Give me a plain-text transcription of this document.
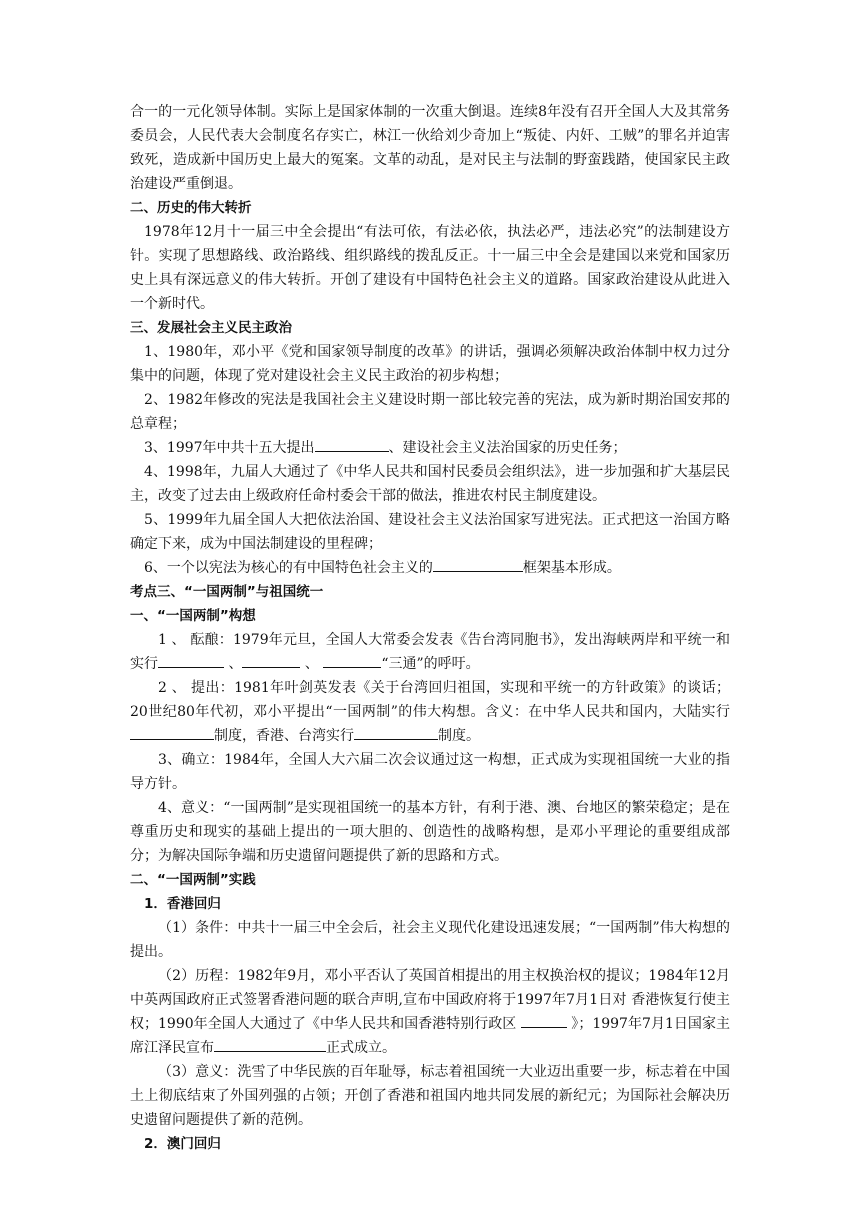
合一的一元化领导体制。实际上是国家体制的一次重大倒退。连续8年没有召开全国人大及其常务委员会，人民代表大会制度名存实亡，林江一伙给刘少奇加上“叛徒、内奸、工贼”的罪名并迫害致死，造成新中国历史上最大的冤案。文革的动乱，是对民主与法制的野蛮践踏，使国家民主政治建设严重倒退。

二、历史的伟大转折

1978年12月十一届三中全会提出“有法可依，有法必依，执法必严，违法必究”的法制建设方针。实现了思想路线、政治路线、组织路线的拨乱反正。十一届三中全会是建国以来党和国家历史上具有深远意义的伟大转折。开创了建设有中国特色社会主义的道路。国家政治建设从此进入一个新时代。

三、发展社会主义民主政治

1、1980年，邓小平《党和国家领导制度的改革》的讲话，强调必须解决政治体制中权力过分集中的问题，体现了党对建设社会主义民主政治的初步构想；

2、1982年修改的宪法是我国社会主义建设时期一部比较完善的宪法，成为新时期治国安邦的总章程；

3、1997年中共十五大提出	、建设社会主义法治国家的历史任务；

4、1998年，九届人大通过了《中华人民共和国村民委员会组织法》，进一步加强和扩大基层民主，改变了过去由上级政府任命村委会干部的做法，推进农村民主制度建设。

5、1999年九届全国人大把依法治国、建设社会主义法治国家写进宪法。正式把这一治国方略确定下来，成为中国法制建设的里程碑；

6、一个以宪法为核心的有中国特色社会主义的	框架基本形成。

考点三、“一国两制”与祖国统一

一、“一国两制”构想

1 、 酝酿：1979年元旦，全国人大常委会发表《告台湾同胞书》，发出海峡两岸和平统一和实行	、	、	“三通”的呼吁。

2 、 提出：1981年叶剑英发表《关于台湾回归祖国，实现和平统一的方针政策》的谈话；20世纪80年代初，邓小平提出“一国两制”的伟大构想。含义：在中华人民共和国内，大陆实行制度，香港、台湾实行	制度。

3、确立：1984年，全国人大六届二次会议通过这一构想，正式成为实现祖国统一大业的指导方针。

4、意义：“一国两制”是实现祖国统一的基本方针，有利于港、澳、台地区的繁荣稳定；是在尊重历史和现实的基础上提出的一项大胆的、创造性的战略构想，是邓小平理论的重要组成部分；为解决国际争端和历史遗留问题提供了新的思路和方式。

二、“一国两制”实践

1．香港回归

（1）条件：中共十一届三中全会后，社会主义现代化建设迅速发展；“一国两制”伟大构想的提出。

（2）历程：1982年9月，邓小平否认了英国首相提出的用主权换治权的提议；1984年12月中英两国政府正式签署香港问题的联合声明,宣布中国政府将于1997年7月1日对 香港恢复行使主权；1990年全国人大通过了《中华人民共和国香港特别行政区	》；1997年7月1日国家主席江泽民宣布	正式成立。

（3）意义：洗雪了中华民族的百年耻辱，标志着祖国统一大业迈出重要一步，标志着在中国土上彻底结束了外国列强的占领；开创了香港和祖国内地共同发展的新纪元；为国际社会解决历史遗留问题提供了新的范例。

2．澳门回归
